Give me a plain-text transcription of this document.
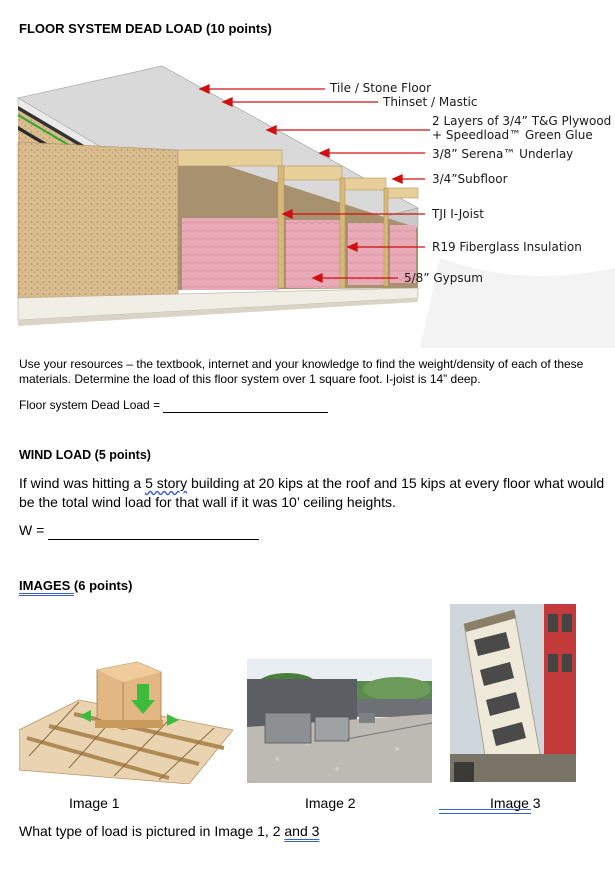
FLOOR SYSTEM DEAD LOAD (10 points)
Tile / Stone Floor
Thinset / Mastic
2 Layers of 3/4” T&G Plywood
+ Speedload™ Green Glue
3/8” Serena™ Underlay
3/4”Subfloor
TJI I-Joist
R19 Fiberglass Insulation
5/8” Gypsum
Use your resources – the textbook, internet and your knowledge to find the weight/density of each of these materials. Determine the load of this floor system over 1 square foot. I-joist is 14” deep.
Floor system Dead Load =
WIND LOAD (5 points)
If wind was hitting a 5 story building at 20 kips at the roof and 15 kips at every floor what would be the total wind load for that wall if it was 10’ ceiling heights.
W =
IMAGES (6 points)
Image 1	Image 2	Image 3
What type of load is pictured in Image 1, 2 and 3
